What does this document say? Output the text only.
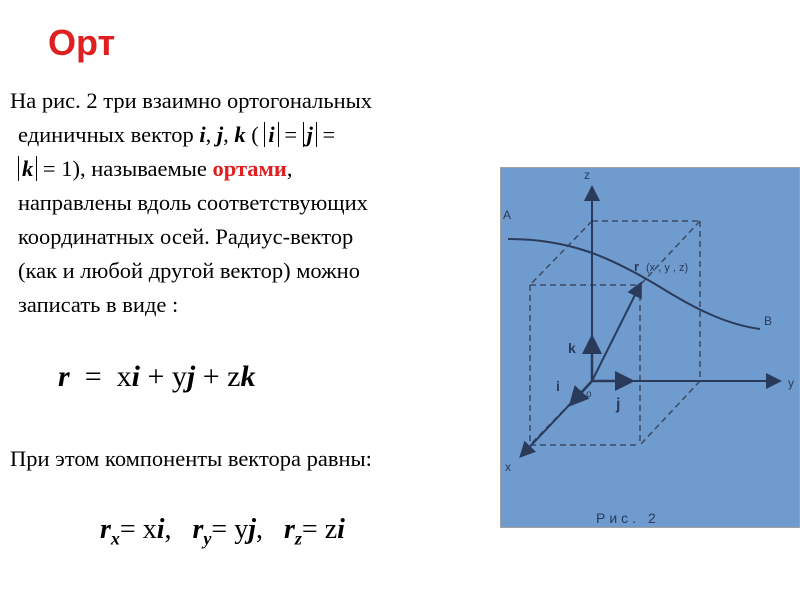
Орт
На рис. 2 три взаимно ортогональных
единичных вектор i, j, k ( i = j =
k = 1), называемые ортами,
направлены вдоль соответствующих
координатных осей. Радиус-вектор
(как и любой другой вектор) можно
записать в виде :
r = xi + yj + zk
При этом компоненты вектора равны:
$r_x=$ xi, $r_y=$ yj, $r_z=$ zi
z
y
x
A
B
r (x , y , z)
k
i
j
o
Рис. 2
